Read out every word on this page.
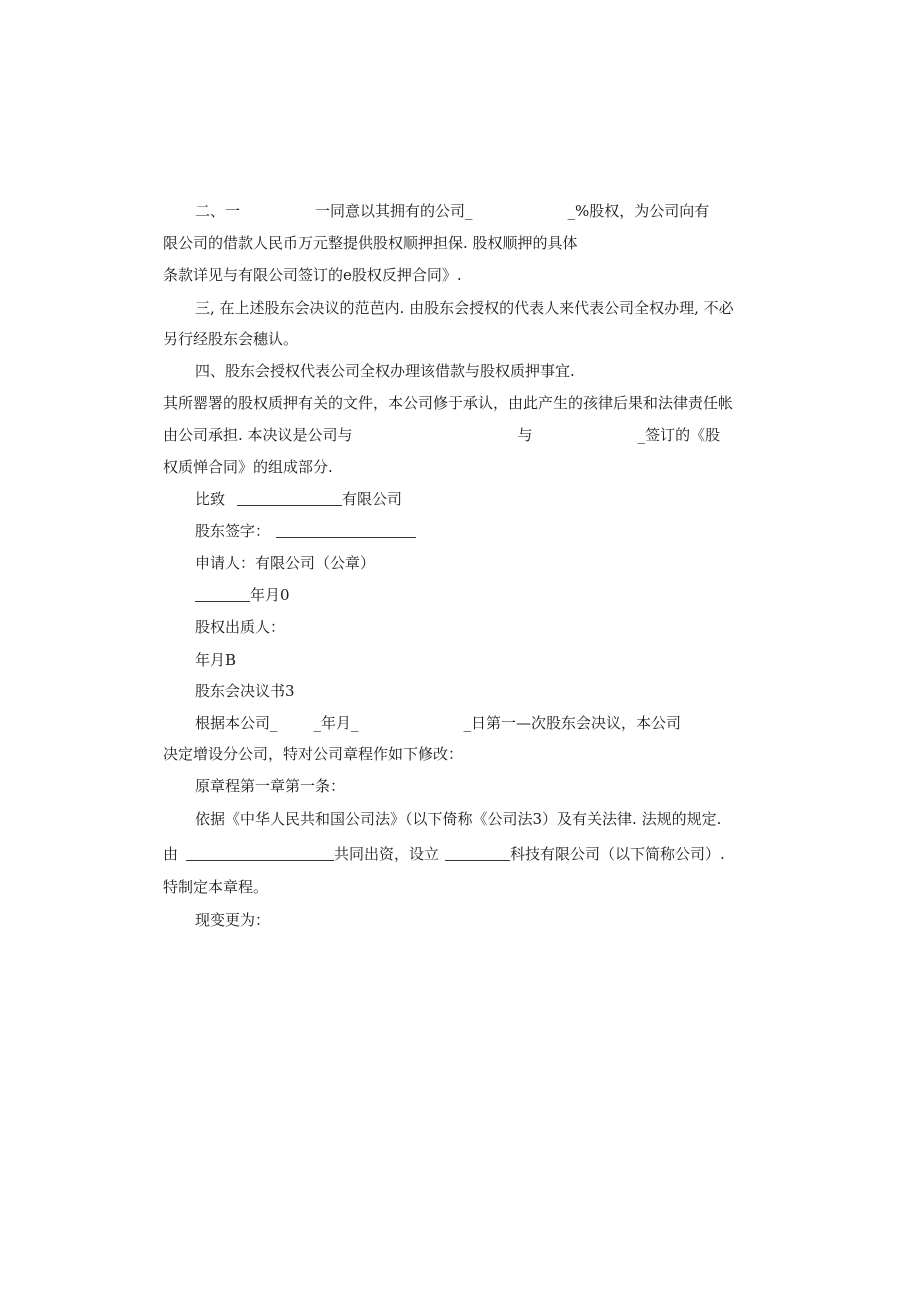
二、一	一同意以其拥有的公司_	_%股权，为公司向有
限公司的借款人民币万元整提供股权顺押担保. 股权顺押的具体
条款详见与有限公司签订的e股权反押合同》.
三, 在上述股东会决议的范芭内. 由股东会授权的代表人来代表公司全权办理, 不必
另行经股东会穗认。
四、股东会授权代表公司全权办理该借款与股权质押事宜.
其所罂署的股权质押有关的文件，本公司修于承认，由此产生的孩律后果和法律责任帐
由公司承担. 本决议是公司与	与	_签订的《股
权质惮合同》的组成部分.
比致	有限公司
股东签字：
申请人：有限公司（公章）
年月0
股权出质人：
年月B
股东会决议书3
根据本公司_ _年月_	_日第一—次股东会决议，本公司
决定增设分公司，特对公司章程作如下修改：
原章程第一章第一条：
依据《中华人民共和国公司法》（以下倚称《公司法3）及有关法律. 法规的规定.
由	共同出资，设立	科技有限公司（以下简称公司）.
特制定本章程。
现变更为：
